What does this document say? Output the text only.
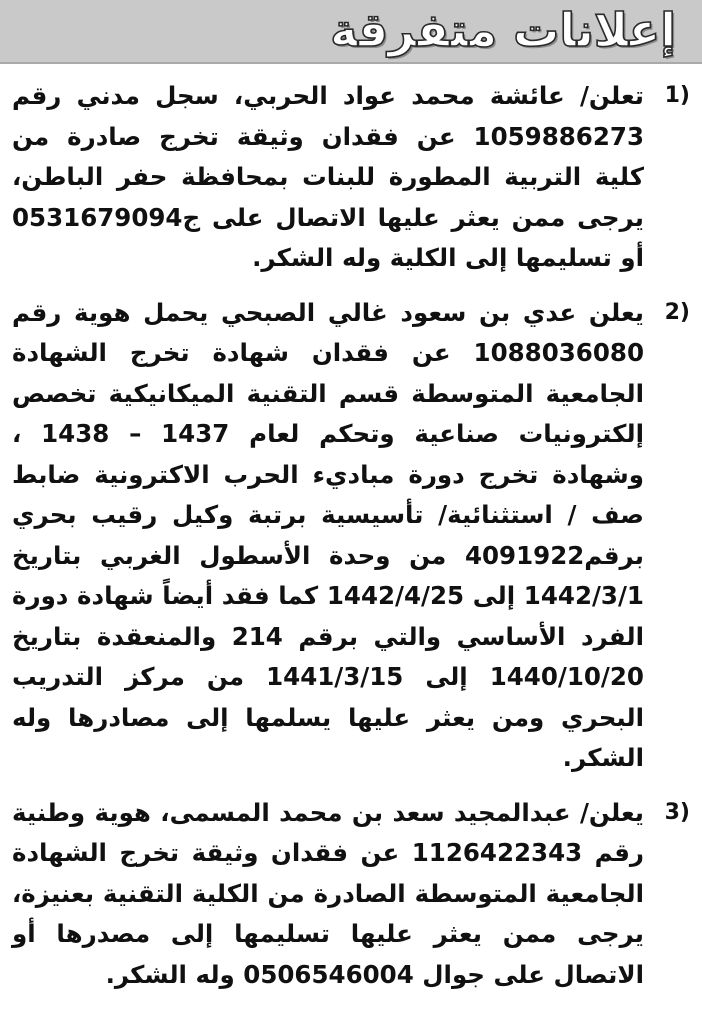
إعلانات متفرقة
1)
تعلن/ عائشة محمد عواد الحربي، سجل مدني رقم 1059886273 عن فقدان وثيقة تخرج صادرة من كلية التربية المطورة للبنات بمحافظة حفر الباطن، يرجى ممن يعثر عليها الاتصال على ج0531679094 أو تسليمها إلى الكلية وله الشكر.
2)
يعلن عدي بن سعود غالي الصبحي يحمل هوية رقم 1088036080 عن فقدان شهادة تخرج الشهادة الجامعية المتوسطة قسم التقنية الميكانيكية تخصص إلكترونيات صناعية وتحكم لعام 1437 – 1438 ، وشهادة تخرج دورة مباديء الحرب الاكترونية ضابط صف / استثنائية/ تأسيسية برتبة وكيل رقيب بحري برقم4091922 من وحدة الأسطول الغربي بتاريخ 1442/3/1 إلى 1442/4/25 كما فقد أيضاً شهادة دورة الفرد الأساسي والتي برقم 214 والمنعقدة بتاريخ 1440/10/20 إلى 1441/3/15 من مركز التدريب البحري ومن يعثر عليها يسلمها إلى مصادرها وله الشكر.
3)
يعلن/ عبدالمجيد سعد بن محمد المسمى، هوية وطنية رقم 1126422343 عن فقدان وثيقة تخرج الشهادة الجامعية المتوسطة الصادرة من الكلية التقنية بعنيزة، يرجى ممن يعثر عليها تسليمها إلى مصدرها أو الاتصال على جوال 0506546004 وله الشكر.
